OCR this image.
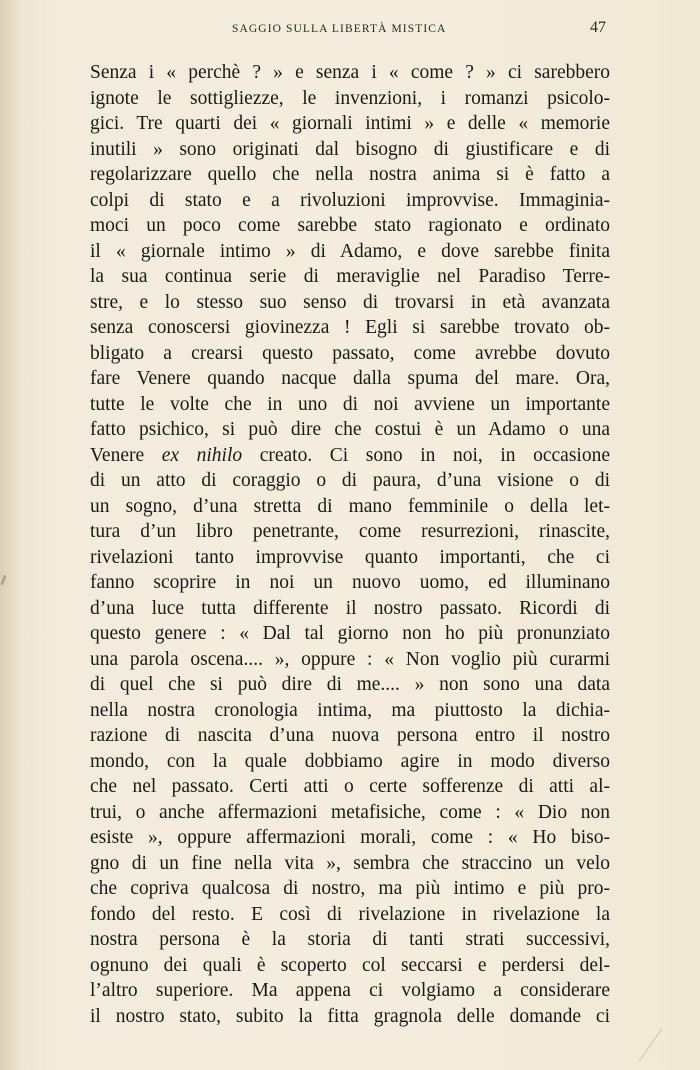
SAGGIO SULLA LIBERTÀ MISTICA	47
Senza i « perchè ? » e senza i « come ? » ci sarebbero
ignote le sottigliezze, le invenzioni, i romanzi psicolo-
gici. Tre quarti dei « giornali intimi » e delle « memorie
inutili » sono originati dal bisogno di giustificare e di
regolarizzare quello che nella nostra anima si è fatto a
colpi di stato e a rivoluzioni improvvise. Immaginia-
moci un poco come sarebbe stato ragionato e ordinato
il « giornale intimo » di Adamo, e dove sarebbe finita
la sua continua serie di meraviglie nel Paradiso Terre-
stre, e lo stesso suo senso di trovarsi in età avanzata
senza conoscersi giovinezza ! Egli si sarebbe trovato ob-
bligato a crearsi questo passato, come avrebbe dovuto
fare Venere quando nacque dalla spuma del mare. Ora,
tutte le volte che in uno di noi avviene un importante
fatto psichico, si può dire che costui è un Adamo o una
Venere ex nihilo creato. Ci sono in noi, in occasione
di un atto di coraggio o di paura, d’una visione o di
un sogno, d’una stretta di mano femminile o della let-
tura d’un libro penetrante, come resurrezioni, rinascite,
rivelazioni tanto improvvise quanto importanti, che ci
fanno scoprire in noi un nuovo uomo, ed illuminano
d’una luce tutta differente il nostro passato. Ricordi di
questo genere : « Dal tal giorno non ho più pronunziato
una parola oscena.... », oppure : « Non voglio più curarmi
di quel che si può dire di me.... » non sono una data
nella nostra cronologia intima, ma piuttosto la dichia-
razione di nascita d’una nuova persona entro il nostro
mondo, con la quale dobbiamo agire in modo diverso
che nel passato. Certi atti o certe sofferenze di atti al-
trui, o anche affermazioni metafisiche, come : « Dio non
esiste », oppure affermazioni morali, come : « Ho biso-
gno di un fine nella vita », sembra che straccino un velo
che copriva qualcosa di nostro, ma più intimo e più pro-
fondo del resto. E così di rivelazione in rivelazione la
nostra persona è la storia di tanti strati successivi,
ognuno dei quali è scoperto col seccarsi e perdersi del-
l’altro superiore. Ma appena ci volgiamo a considerare
il nostro stato, subito la fitta gragnola delle domande ci
